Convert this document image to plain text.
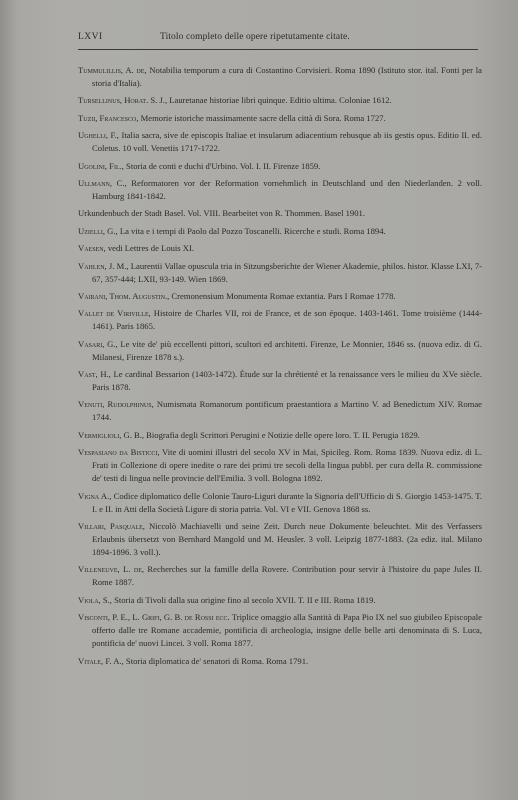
LXVI	Titolo completo delle opere ripetutamente citate.
Tummulillis, A. de, Notabilia temporum a cura di Costantino Corvisieri. Roma 1890 (Istituto stor. ital. Fonti per la storia d'Italia).
Tursellinus, Horat. S. J., Lauretanae historiae libri quinque. Editio ultima. Coloniae 1612.
Tuzii, Francesco, Memorie istoriche massimamente sacre della città di Sora. Roma 1727.
Ughelli, F., Italia sacra, sive de episcopis Italiae et insularum adiacentium rebusque ab iis gestis opus. Editio II. ed. Coletus. 10 voll. Venetiis 1717-1722.
Ugolini, Fil., Storia de conti e duchi d'Urbino. Vol. I. II. Firenze 1859.
Ullmann, C., Reformatoren vor der Reformation vornehmlich in Deutschland und den Niederlanden. 2 voll. Hamburg 1841-1842.
Urkundenbuch der Stadt Basel. Vol. VIII. Bearbeitet von R. Thommen. Basel 1901.
Uzielli, G., La vita e i tempi di Paolo dal Pozzo Toscanelli. Ricerche e studi. Roma 1894.
Vaesen, vedi Lettres de Louis XI.
Vahlen, J. M., Laurentii Vallae opuscula tria in Sitzungsberichte der Wiener Akademie, philos. histor. Klasse LXI, 7-67, 357-444; LXII, 93-149. Wien 1869.
Vairani, Thom. Augustin., Cremonensium Monumenta Romae extantia. Pars I Romae 1778.
Vallet de Viriville, Histoire de Charles VII, roi de France, et de son époque. 1403-1461. Tome troisième (1444-1461). Paris 1865.
Vasari, G., Le vite de' più eccellenti pittori, scultori ed architetti. Firenze, Le Monnier, 1846 ss. (nuova ediz. di G. Milanesi, Firenze 1878 s.).
Vast, H., Le cardinal Bessarion (1403-1472). Étude sur la chrétienté et la renaissance vers le milieu du XVe siècle. Paris 1878.
Venuti, Rudolphinus, Numismata Romanorum pontificum praestantiora a Martino V. ad Benedictum XIV. Romae 1744.
Vermiglioli, G. B., Biografia degli Scrittori Perugini e Notizie delle opere loro. T. II. Perugia 1829.
Vespasiano da Bisticci, Vite di uomini illustri del secolo XV in Mai, Spicileg. Rom. Roma 1839. Nuova ediz. di L. Frati in Collezione di opere inedite o rare dei primi tre secoli della lingua pubbl. per cura della R. commissione de' testi di lingua nelle provincie dell'Emilia. 3 voll. Bologna 1892.
Vigna A., Codice diplomatico delle Colonie Tauro-Liguri durante la Signoria dell'Ufficio di S. Giorgio 1453-1475. T. I. e II. in Atti della Società Ligure di storia patria. Vol. VI e VII. Genova 1868 ss.
Villari, Pasquale, Niccolò Machiavelli und seine Zeit. Durch neue Dokumente beleuchtet. Mit des Verfassers Erlaubnis übersetzt von Bernhard Mangold und M. Heusler. 3 voll. Leipzig 1877-1883. (2a ediz. ital. Milano 1894-1896. 3 voll.).
Villeneuve, L. de, Recherches sur la famille della Rovere. Contribution pour servir à l'histoire du pape Jules II. Rome 1887.
Viola, S., Storia di Tivoli dalla sua origine fino al secolo XVII. T. II e III. Roma 1819.
Visconti, P. E., L. Grifi, G. B. de Rossi ecc. Triplice omaggio alla Santità di Papa Pio IX nel suo giubileo Episcopale offerto dalle tre Romane accademie, pontificia di archeologia, insigne delle belle arti denominata di S. Luca, pontificia de' nuovi Lincei. 3 voll. Roma 1877.
Vitale, F. A., Storia diplomatica de' senatori di Roma. Roma 1791.
